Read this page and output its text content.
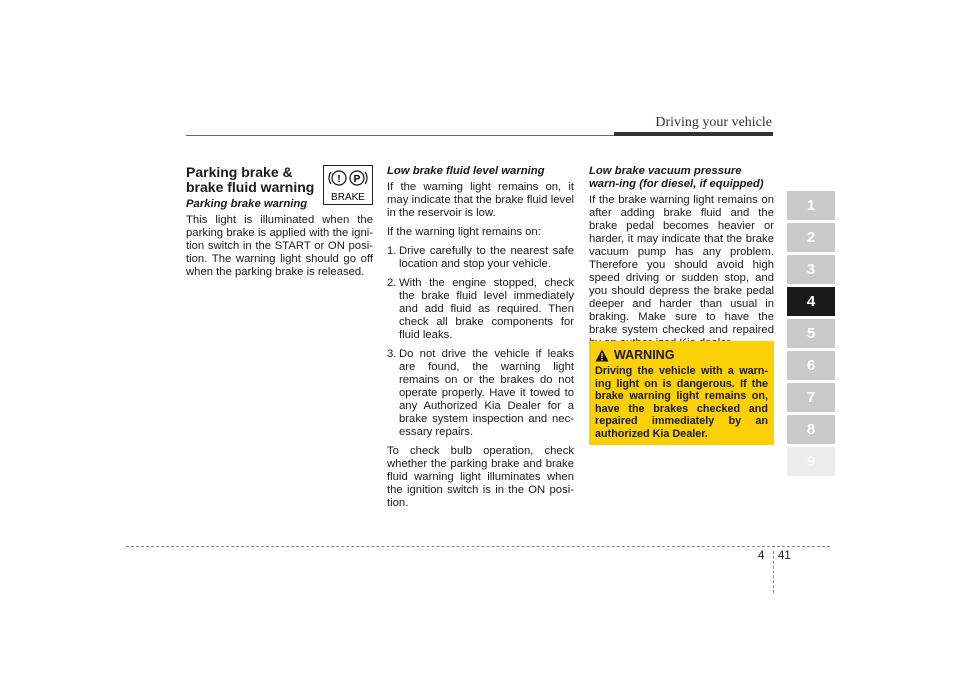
Driving your vehicle
Parking brake & brake fluid warning
Parking brake warning

This light is illuminated when the parking brake is applied with the igni-tion switch in the START or ON posi-tion. The warning light should go off when the parking brake is released.

! P
BRAKE
Low brake fluid level warning

If the warning light remains on, it may indicate that the brake fluid level in the reservoir is low.

If the warning light remains on:

1. Drive carefully to the nearest safe location and stop your vehicle.
2. With the engine stopped, check the brake fluid level immediately and add fluid as required. Then check all brake components for fluid leaks.
3. Do not drive the vehicle if leaks are found, the warning light remains on or the brakes do not operate properly. Have it towed to any Authorized Kia Dealer for a brake system inspection and nec-essary repairs.

To check bulb operation, check whether the parking brake and brake fluid warning light illuminates when the ignition switch is in the ON posi-tion.

Low brake vacuum pressure warn-ing (for diesel, if equipped)

If the brake warning light remains on after adding brake fluid and the brake pedal becomes heavier or harder, it may indicate that the brake vacuum pump has any problem. Therefore you should avoid high speed driving or sudden stop, and you should depress the brake pedal deeper and harder than usual in braking. Make sure to have the brake system checked and repaired

WARNING
Driving the vehicle with a warn-ing light on is dangerous. If the brake warning light remains on, have the brakes checked and repaired immediately by an authorized Kia Dealer.
1
2
3
4
5
6
7
8
9
4 41
